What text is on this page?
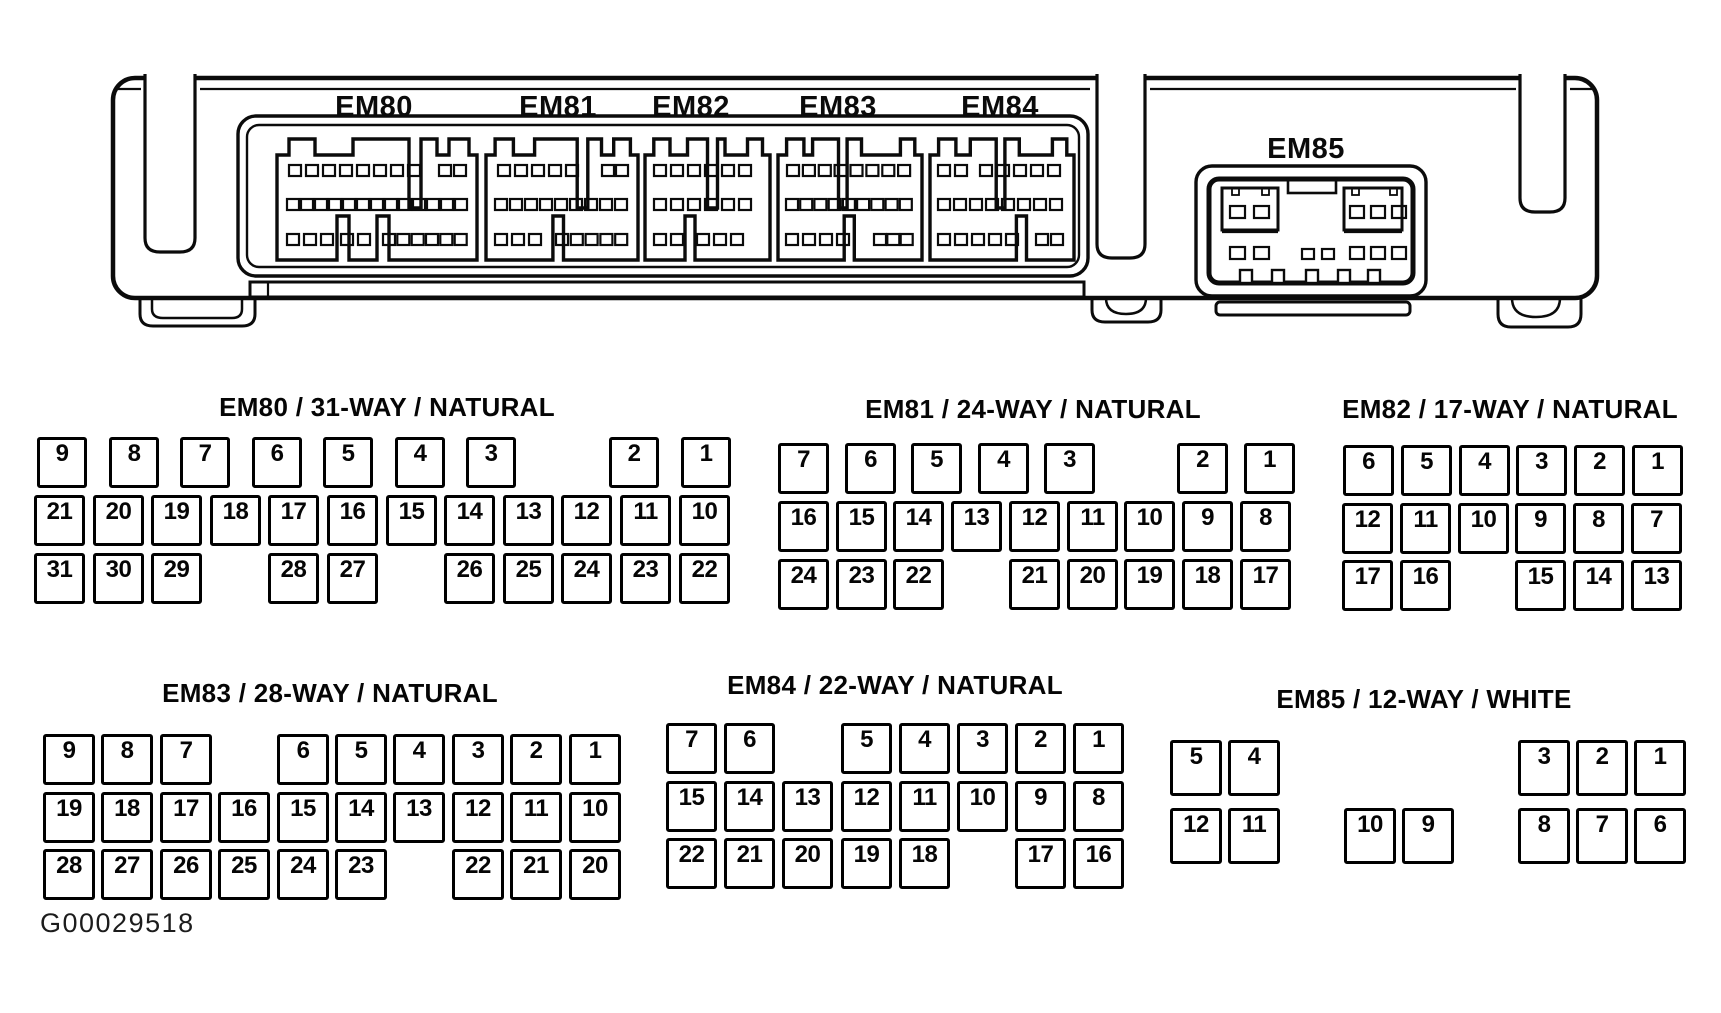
EM80	EM81 EM82 EM83	EM84
EM85
G00029518
EM80 / 31-WAY / NATURAL
9 8 7 6 5 4 3	2 1
21 20 19 18 17 16 15 14 13 12 11 10
31 30 29	28 27	26 25 24 23 22
EM81 / 24-WAY / NATURAL
7 6 5 4 3	2 1
16 15 14 13 12 11 10 9 8
24 23 22	21 20 19 18 17
EM82 / 17-WAY / NATURAL
6 5 4 3 2 1
12 11 10 9 8 7
17 16	15 14 13
EM83 / 28-WAY / NATURAL
9 8 7	6 5 4 3 2 1
19 18 17 16 15 14 13 12 11 10
28 27 26 25 24 23	22 21 20
EM84 / 22-WAY / NATURAL
7 6	5 4 3 2 1
15 14 13 12 11 10 9 8
22 21 20 19 18	17 16
EM85 / 12-WAY / WHITE
5 4	3 2 1
12 11	10 9	8 7 6
